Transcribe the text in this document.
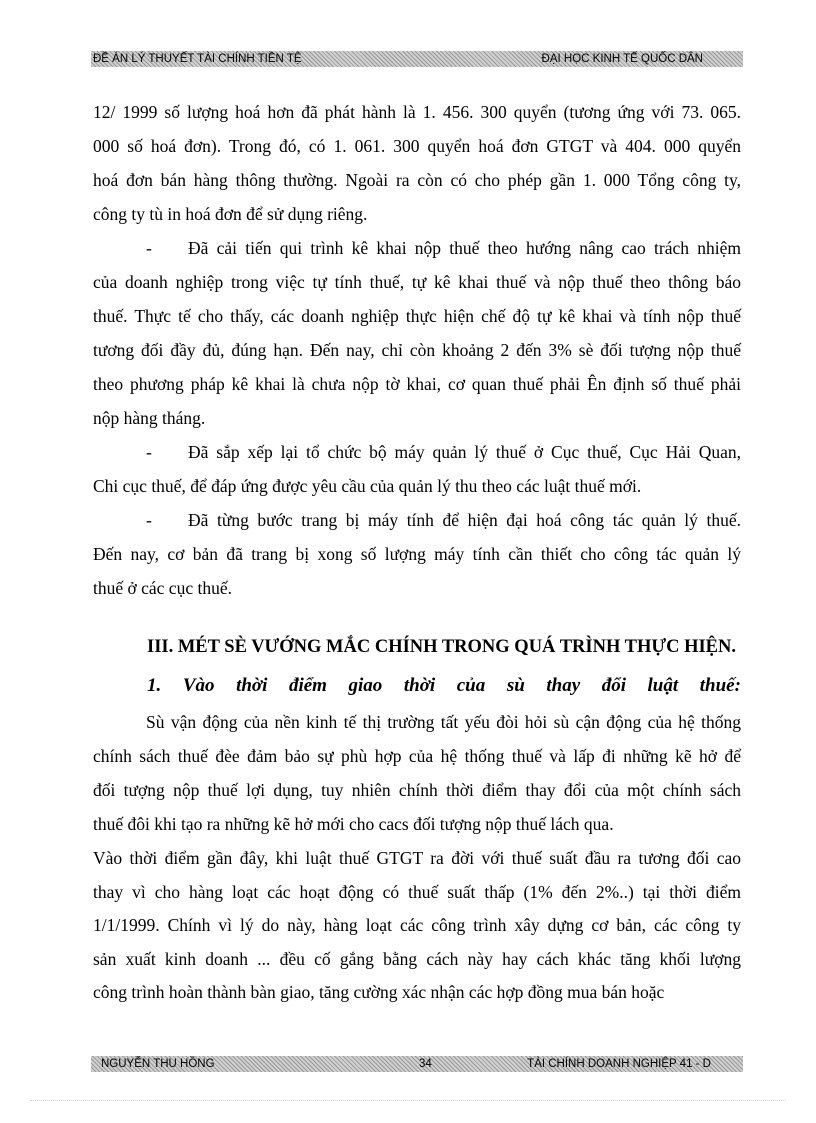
ĐỀ ÁN LÝ THUYẾT TÀI CHÍNH TIỀN TỆ	ĐẠI HỌC KINH TẾ QUỐC DÂN

12/ 1999 số lượng hoá hơn đã phát hành là 1. 456. 300 quyển (tương ứng với 73. 065.
000 số hoá đơn). Trong đó, có 1. 061. 300 quyển hoá đơn GTGT và 404. 000 quyển
hoá đơn bán hàng thông thường. Ngoài ra còn có cho phép gần 1. 000 Tổng công ty,
công ty tù in hoá đơn để sử dụng riêng.

- Đã cải tiến qui trình kê khai nộp thuế theo hướng nâng cao trách nhiệm
của doanh nghiệp trong việc tự tính thuế, tự kê khai thuế và nộp thuế theo thông báo
thuế. Thực tế cho thấy, các doanh nghiệp thực hiện chế độ tự kê khai và tính nộp thuế
tương đối đầy đủ, đúng hạn. Đến nay, chỉ còn khoảng 2 đến 3% sè đối tượng nộp thuế
theo phương pháp kê khai là chưa nộp tờ khai, cơ quan thuế phải Ên định số thuế phải
nộp hàng tháng.

- Đã sắp xếp lại tổ chức bộ máy quản lý thuế ở Cục thuế, Cục Hải Quan,
Chi cục thuế, để đáp ứng được yêu cầu của quản lý thu theo các luật thuế mới.

- Đã từng bước trang bị máy tính để hiện đại hoá công tác quản lý thuế.
Đến nay, cơ bản đã trang bị xong số lượng máy tính cần thiết cho công tác quản lý
thuế ở các cục thuế.

III. MÉT SÈ VƯỚNG MẮC CHÍNH TRONG QUÁ TRÌNH THỰC HIỆN.
1. Vào thời điểm giao thời của sù thay đổi luật thuế:
Sù vận động của nền kinh tế thị trường tất yếu đòi hỏi sù cận động của hệ thống
chính sách thuế đèe đảm bảo sự phù hợp của hệ thống thuế và lấp đi những kẽ hở để
đối tượng nộp thuế lợi dụng, tuy nhiên chính thời điểm thay đổi của một chính sách
thuế đôi khi tạo ra những kẽ hở mới cho cacs đối tượng nộp thuế lách qua.
Vào thời điểm gần đây, khi luật thuế GTGT ra đời với thuế suất đầu ra tương đối cao
thay vì cho hàng loạt các hoạt động có thuế suất thấp (1% đến 2%..) tại thời điểm
1/1/1999. Chính vì lý do này, hàng loạt các công trình xây dựng cơ bản, các công ty
sản xuất kinh doanh ... đều cố gắng bằng cách này hay cách khác tăng khối lượng
công trình hoàn thành bàn giao, tăng cường xác nhận các hợp đồng mua bán hoặc
NGUYỄN THU HỒNG	34	TÀI CHÍNH DOANH NGHIỆP 41 - D
